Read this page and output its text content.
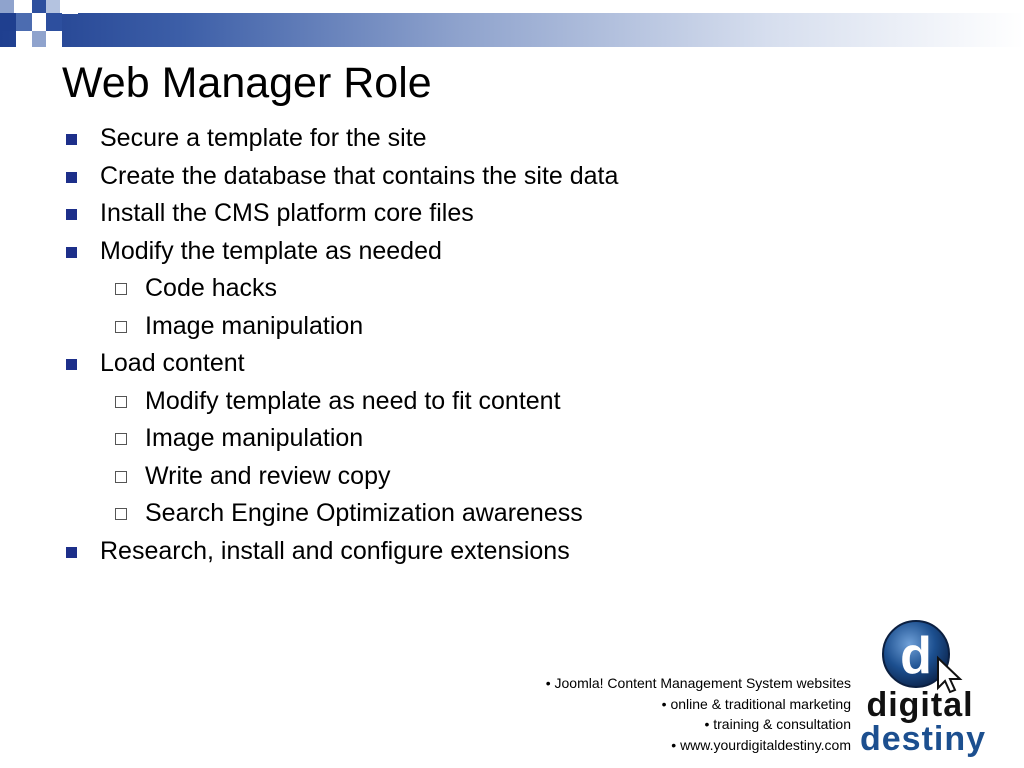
Web Manager Role
Secure a template for the site
Create the database that contains the site data
Install the CMS platform core files
Modify the template as needed
Code hacks
Image manipulation
Load content
Modify template as need to fit content
Image manipulation
Write and review copy
Search Engine Optimization awareness
Research, install and configure extensions
• Joomla! Content Management System websites
• online & traditional marketing
• training & consultation
• www.yourdigitaldestiny.com
d
digital
destiny
